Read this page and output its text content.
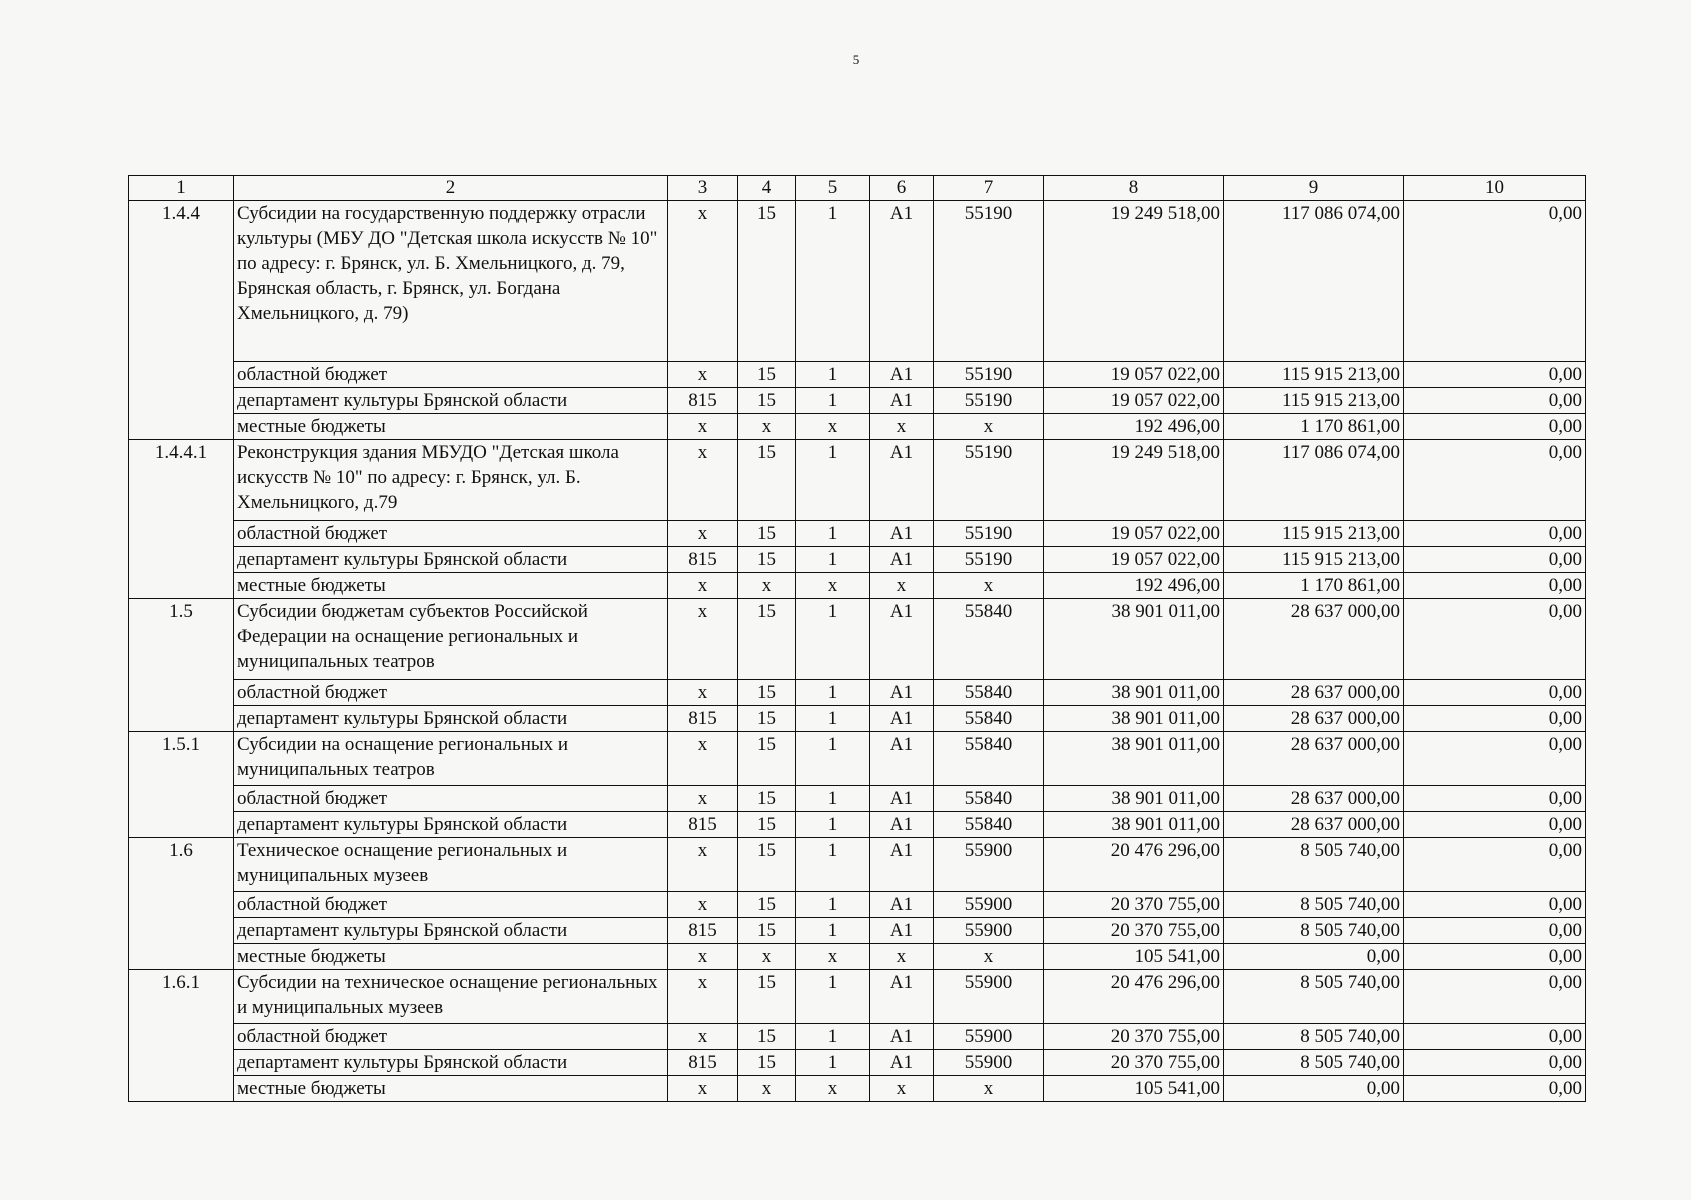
5
1	2	3	4	5	6	7	8	9	10
1.4.4	Субсидии на государственную поддержку отрасли культуры (МБУ ДО "Детская школа искусств № 10" по адресу: г. Брянск, ул. Б. Хмельницкого, д. 79, Брянская область, г. Брянск, ул. Богдана Хмельницкого, д. 79)	x	15	1	A1	55190	19 249 518,00	117 086 074,00	0,00
	областной бюджет	x	15	1	A1	55190	19 057 022,00	115 915 213,00	0,00
	департамент культуры Брянской области	815	15	1	A1	55190	19 057 022,00	115 915 213,00	0,00
	местные бюджеты	x	x	x	x	x	192 496,00	1 170 861,00	0,00
1.4.4.1	Реконструкция здания МБУДО "Детская школа искусств № 10" по адресу: г. Брянск, ул. Б. Хмельницкого, д.79	x	15	1	A1	55190	19 249 518,00	117 086 074,00	0,00
	областной бюджет	x	15	1	A1	55190	19 057 022,00	115 915 213,00	0,00
	департамент культуры Брянской области	815	15	1	A1	55190	19 057 022,00	115 915 213,00	0,00
	местные бюджеты	x	x	x	x	x	192 496,00	1 170 861,00	0,00
1.5	Субсидии бюджетам субъектов Российской Федерации на оснащение региональных и муниципальных театров	x	15	1	A1	55840	38 901 011,00	28 637 000,00	0,00
	областной бюджет	x	15	1	A1	55840	38 901 011,00	28 637 000,00	0,00
	департамент культуры Брянской области	815	15	1	A1	55840	38 901 011,00	28 637 000,00	0,00
1.5.1	Субсидии на оснащение региональных и муниципальных театров	x	15	1	A1	55840	38 901 011,00	28 637 000,00	0,00
	областной бюджет	x	15	1	A1	55840	38 901 011,00	28 637 000,00	0,00
	департамент культуры Брянской области	815	15	1	A1	55840	38 901 011,00	28 637 000,00	0,00
1.6	Техническое оснащение региональных и муниципальных музеев	x	15	1	A1	55900	20 476 296,00	8 505 740,00	0,00
	областной бюджет	x	15	1	A1	55900	20 370 755,00	8 505 740,00	0,00
	департамент культуры Брянской области	815	15	1	A1	55900	20 370 755,00	8 505 740,00	0,00
	местные бюджеты	x	x	x	x	x	105 541,00	0,00	0,00
1.6.1	Субсидии на техническое оснащение региональных и муниципальных музеев	x	15	1	A1	55900	20 476 296,00	8 505 740,00	0,00
	областной бюджет	x	15	1	A1	55900	20 370 755,00	8 505 740,00	0,00
	департамент культуры Брянской области	815	15	1	A1	55900	20 370 755,00	8 505 740,00	0,00
	местные бюджеты	x	x	x	x	x	105 541,00	0,00	0,00
